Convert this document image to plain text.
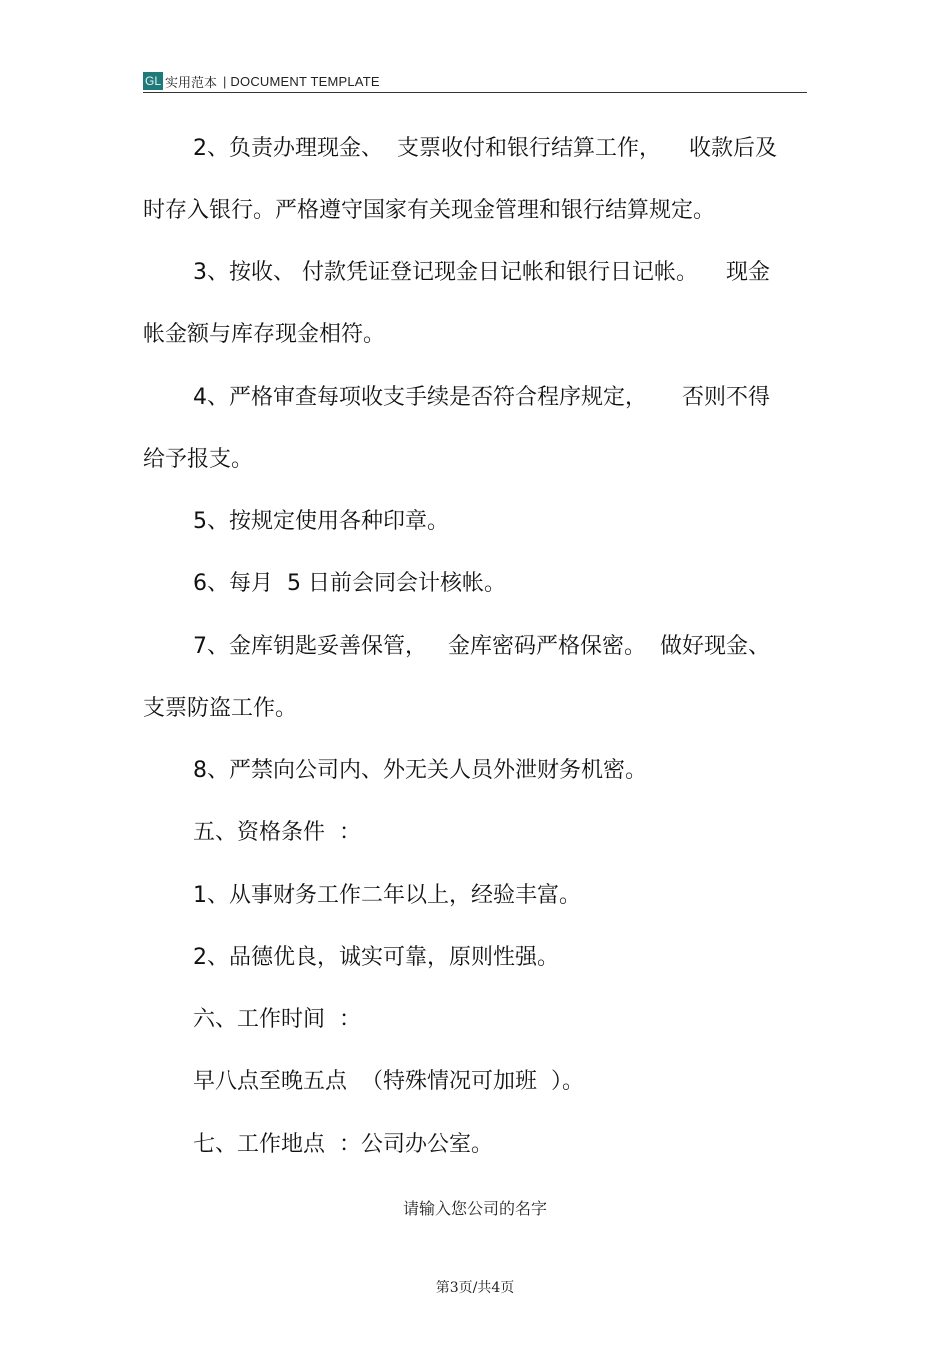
GL 实用范本 | DOCUMENT TEMPLATE
2、负责办理现金、  支票收付和银行结算工作，    收款后及
时存入银行。严格遵守国家有关现金管理和银行结算规定。
3、按收、 付款凭证登记现金日记帐和银行日记帐。    现金
帐金额与库存现金相符。
4、严格审查每项收支手续是否符合程序规定，     否则不得
给予报支。
5、按规定使用各种印章。
6、每月  5 日前会同会计核帐。
7、金库钥匙妥善保管，   金库密码严格保密。  做好现金、
支票防盗工作。
8、严禁向公司内、外无关人员外泄财务机密。
五、资格条件  ：
1、从事财务工作二年以上，经验丰富。
2、品德优良，诚实可靠，原则性强。
六、工作时间  ：
早八点至晚五点  （特殊情况可加班  ）。
七、工作地点  ：公司办公室。
请输入您公司的名字
第3页/共4页
